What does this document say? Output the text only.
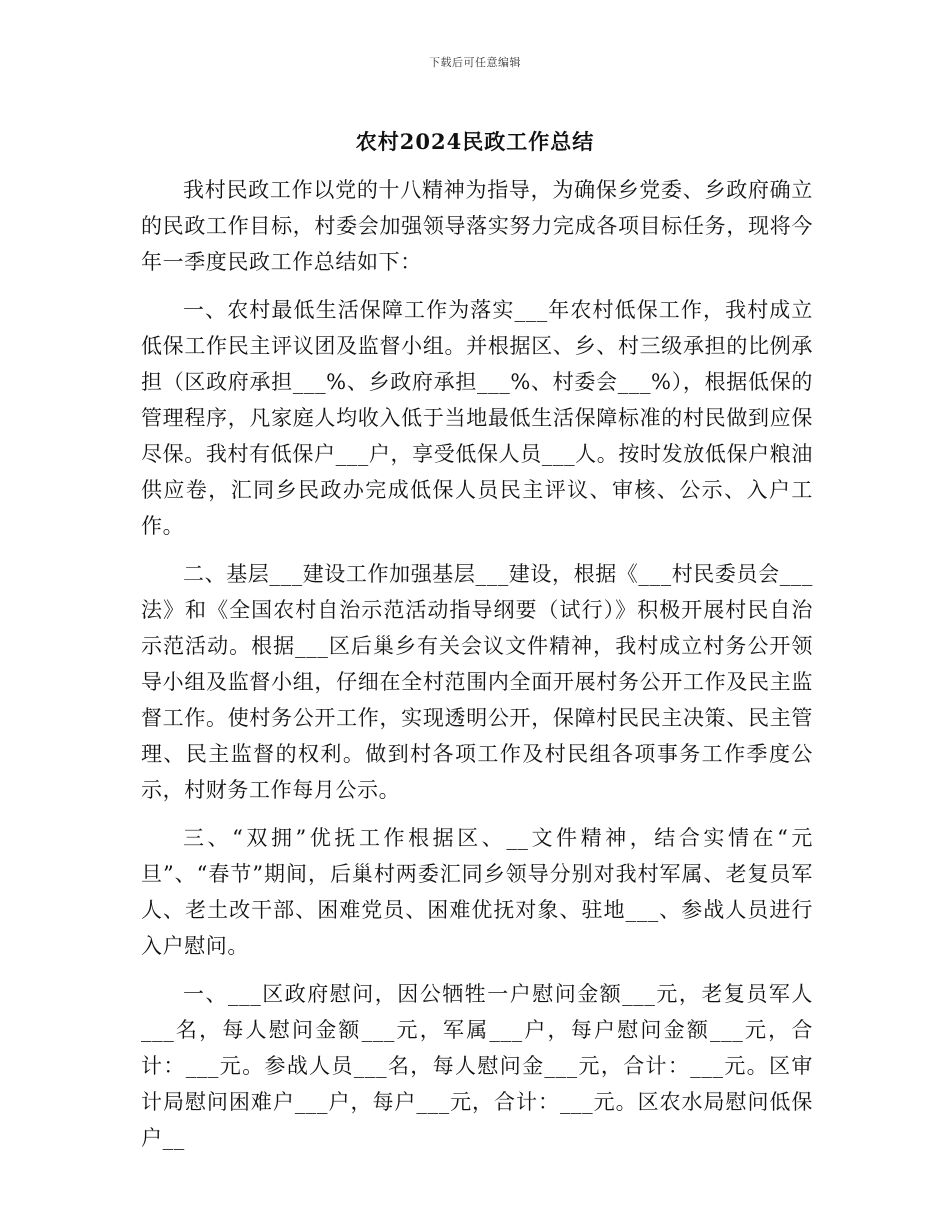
下载后可任意编辑
农村2024民政工作总结

我村民政工作以党的十八精神为指导，为确保乡党委、乡政府确立的民政工作目标，村委会加强领导落实努力完成各项目标任务，现将今年一季度民政工作总结如下：

一、农村最低生活保障工作为落实___年农村低保工作，我村成立低保工作民主评议团及监督小组。并根据区、乡、村三级承担的比例承担（区政府承担___%、乡政府承担___%、村委会___%），根据低保的管理程序，凡家庭人均收入低于当地最低生活保障标准的村民做到应保尽保。我村有低保户___户，享受低保人员___人。按时发放低保户粮油供应卷，汇同乡民政办完成低保人员民主评议、审核、公示、入户工作。

二、基层___建设工作加强基层___建设，根据《___村民委员会___法》和《全国农村自治示范活动指导纲要（试行）》积极开展村民自治示范活动。根据___区后巢乡有关会议文件精神，我村成立村务公开领导小组及监督小组，仔细在全村范围内全面开展村务公开工作及民主监督工作。使村务公开工作，实现透明公开，保障村民民主决策、民主管理、民主监督的权利。做到村各项工作及村民组各项事务工作季度公示，村财务工作每月公示。

三、“双拥”优抚工作根据区、__文件精神，结合实情在“元旦”、“春节”期间，后巢村两委汇同乡领导分别对我村军属、老复员军人、老土改干部、困难党员、困难优抚对象、驻地___、参战人员进行入户慰问。

一、___区政府慰问，因公牺牲一户慰问金额___元，老复员军人___名，每人慰问金额___元，军属___户，每户慰问金额___元，合计：___元。参战人员___名，每人慰问金___元，合计：___元。区审计局慰问困难户___户，每户___元，合计：___元。区农水局慰问低保户__
